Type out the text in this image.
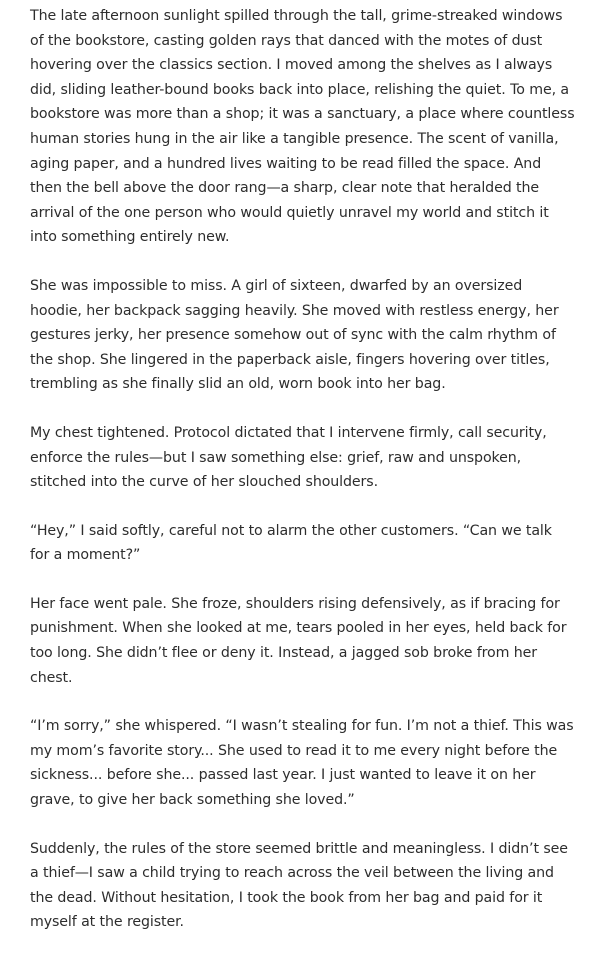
The late afternoon sunlight spilled through the tall, grime-streaked windows of the bookstore, casting golden rays that danced with the motes of dust hovering over the classics section. I moved among the shelves as I always did, sliding leather-bound books back into place, relishing the quiet. To me, a bookstore was more than a shop; it was a sanctuary, a place where countless human stories hung in the air like a tangible presence. The scent of vanilla, aging paper, and a hundred lives waiting to be read filled the space. And then the bell above the door rang—a sharp, clear note that heralded the arrival of the one person who would quietly unravel my world and stitch it into something entirely new.

She was impossible to miss. A girl of sixteen, dwarfed by an oversized hoodie, her backpack sagging heavily. She moved with restless energy, her gestures jerky, her presence somehow out of sync with the calm rhythm of the shop. She lingered in the paperback aisle, fingers hovering over titles, trembling as she finally slid an old, worn book into her bag.

My chest tightened. Protocol dictated that I intervene firmly, call security, enforce the rules—but I saw something else: grief, raw and unspoken, stitched into the curve of her slouched shoulders.

“Hey,” I said softly, careful not to alarm the other customers. “Can we talk for a moment?”

Her face went pale. She froze, shoulders rising defensively, as if bracing for punishment. When she looked at me, tears pooled in her eyes, held back for too long. She didn’t flee or deny it. Instead, a jagged sob broke from her chest.

“I’m sorry,” she whispered. “I wasn’t stealing for fun. I’m not a thief. This was my mom’s favorite story... She used to read it to me every night before the sickness... before she... passed last year. I just wanted to leave it on her grave, to give her back something she loved.”

Suddenly, the rules of the store seemed brittle and meaningless. I didn’t see a thief—I saw a child trying to reach across the veil between the living and the dead. Without hesitation, I took the book from her bag and paid for it myself at the register.
